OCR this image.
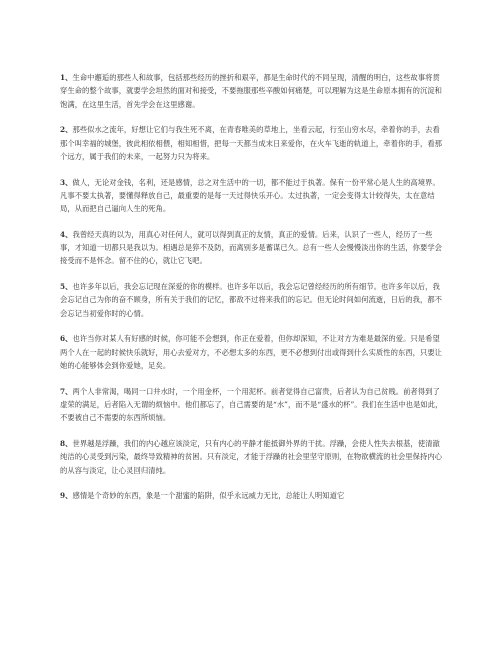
1、生命中邂逅的那些人和故事，包括那些经历的挫折和艰辛，都是生命时代的不同呈现，清醒的明白，这些故事将贯穿生命的整个故事，就要学会坦然的面对和接受，不要拖服那些辛酸如何痛楚，可以理解为这是生命原本拥有的沉淀和饱满，在这里生活，首先学会在这里感谢。

2、那些似水之流年，好想让它们与我生死不离，在青春唯美的草地上，坐看云起，行至山穷水尽，牵着你的手，去看那个叫幸福的城堡，彼此相依相偎，相知相惜，把每一天都当成末日来爱你，在火车飞逝的轨道上，牵着你的手，看那个远方，属于我们的未来，一起努力只为将来。

3、做人，无论对金钱，名利，还是感情，总之对生活中的一切，都不能过于执著。保有一份平常心是人生的高境界。凡事不要太执著，要懂得释放自己，最重要的是每一天过得快乐开心。太过执著，一定会变得太计较得失，太在意结局，从而把自己逼向人生的死角。

4、我曾经天真的以为，用真心对任何人，就可以得到真正的友情，真正的爱情。后来，认识了一些人，经历了一些事，才知道一切都只是我以为。相遇总是猝不及防，而离别多是蓄谋已久。总有一些人会慢慢淡出你的生活，你要学会接受而不是怀念。留不住的心，就让它飞吧。

5、也许多年以后，我会忘记现在深爱的你的模样。也许多年以后，我会忘记曾经经历的所有细节。也许多年以后，我会忘记自己为你的奋不顾身，所有关于我们的记忆，都敌不过将来我们的忘记。但无论时间如何流逝，日后的我，都不会忘记当初爱你时的心情。

6、也许当你对某人有好感的时候，你可能不会想到，你正在爱着，但你却深知，不让对方为难是最深的爱。只是希望两个人在一起的时候快乐就好，用心去爱对方，不必想太多的东西，更不必想到付出或得到什么实质性的东西，只要让她的心能够体会到你爱她，足矣。

7、两个人非常渴，喝同一口井水时，一个用金杯，一个用泥杯。前者觉得自己富贵，后者认为自己贫贱。前者得到了虚荣的满足，后者陷入无谓的烦恼中。他们都忘了，自己需要的是“水”，而不是“盛水的杯”。我们在生活中也是如此，不要被自己不需要的东西所烦恼。

8、世界越是浮躁，我们的内心越应该淡定，只有内心的平静才能抵御外界的干扰。浮躁，会使人性失去根基，使清澈纯洁的心灵受到污染，最终导致精神的贫困。只有淡定，才能于浮躁的社会里坚守原则，在物欲横流的社会里保持内心的从容与淡定，让心灵回归清纯。

9、感情是个奇妙的东西，象是一个甜蜜的陷阱，似乎永远威力无比，总能让人明知道它
